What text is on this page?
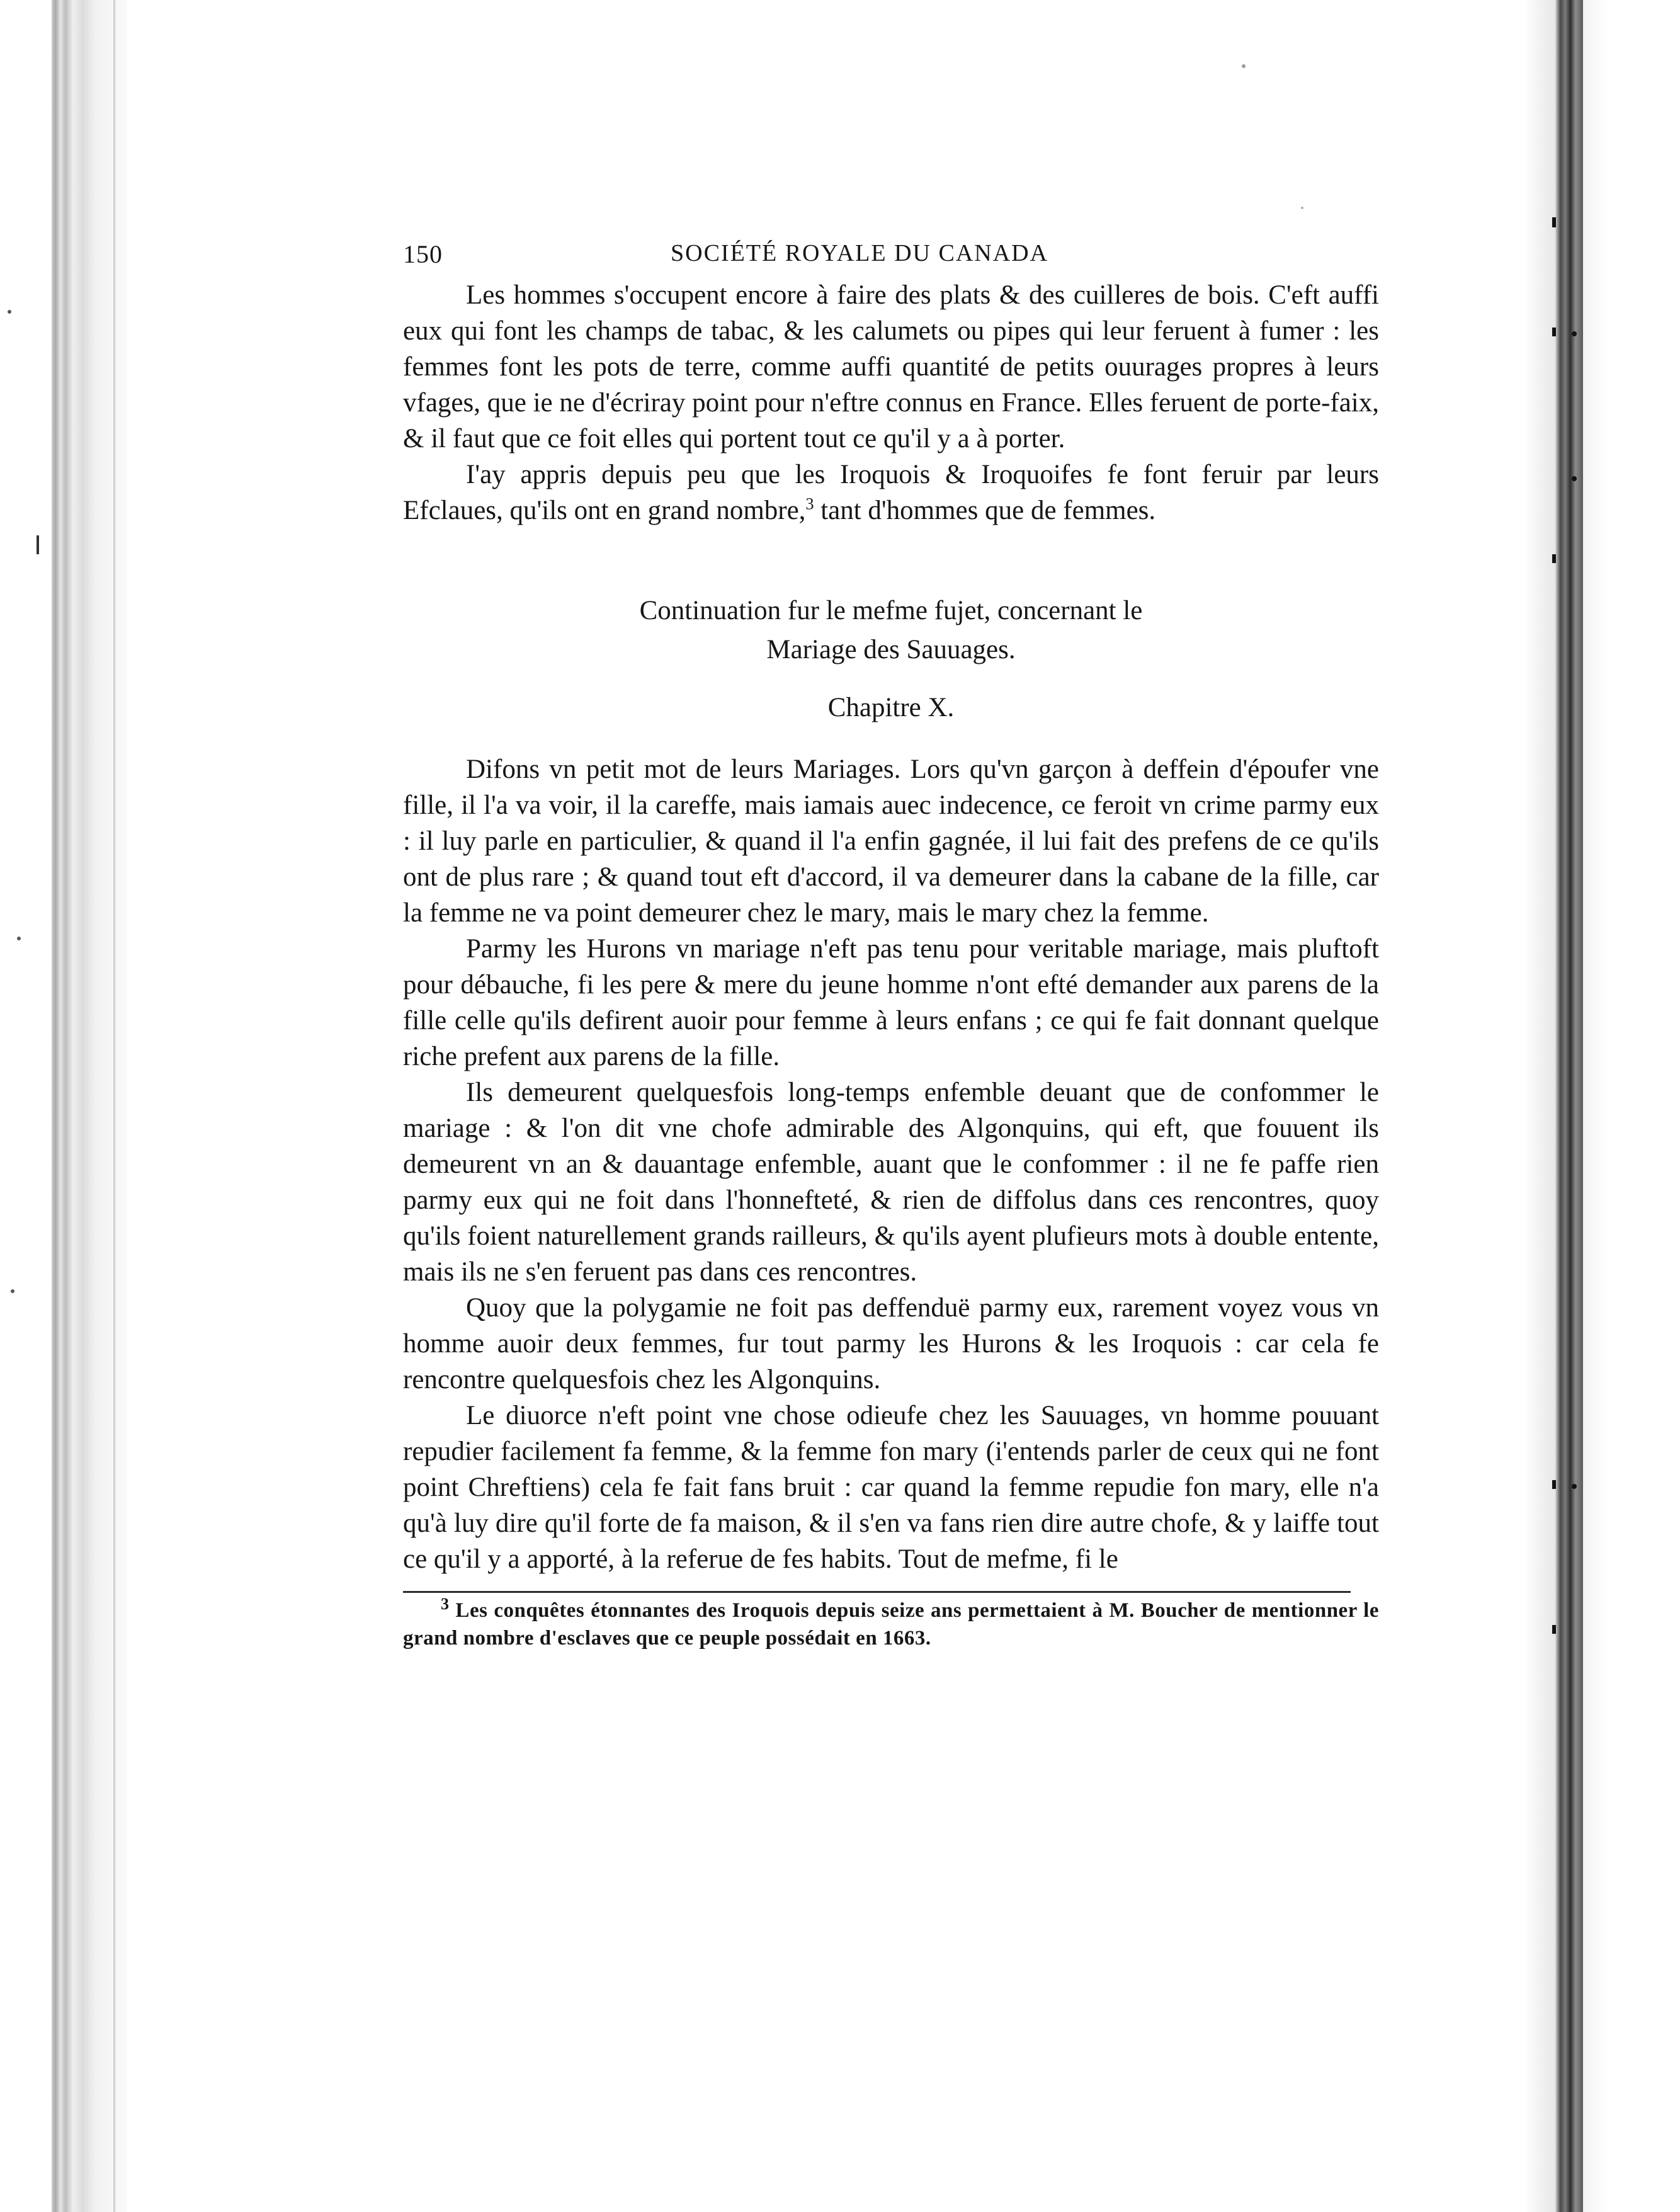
150	SOCIÉTÉ ROYALE DU CANADA

Les hommes s'occupent encore à faire des plats & des cuilleres de bois. C'eft auffi eux qui font les champs de tabac, & les calumets ou pipes qui leur feruent à fumer : les femmes font les pots de terre, comme auffi quantité de petits ouurages propres à leurs vfages, que ie ne d'écriray point pour n'eftre connus en France. Elles feruent de porte-faix, & il faut que ce foit elles qui portent tout ce qu'il y a à porter.

I'ay appris depuis peu que les Iroquois & Iroquoifes fe font feruir par leurs Efclaues, qu'ils ont en grand nombre,$^3$ tant d'hommes que de femmes.

Continuation fur le mefme fujet, concernant le
Mariage des Sauuages.

Chapitre X.

Difons vn petit mot de leurs Mariages. Lors qu'vn garçon à deffein d'époufer vne fille, il l'a va voir, il la careffe, mais iamais auec indecence, ce feroit vn crime parmy eux : il luy parle en particulier, & quand il l'a enfin gagnée, il lui fait des prefens de ce qu'ils ont de plus rare ; & quand tout eft d'accord, il va demeurer dans la cabane de la fille, car la femme ne va point demeurer chez le mary, mais le mary chez la femme.

Parmy les Hurons vn mariage n'eft pas tenu pour veritable mariage, mais pluftoft pour débauche, fi les pere & mere du jeune homme n'ont efté demander aux parens de la fille celle qu'ils defirent auoir pour femme à leurs enfans ; ce qui fe fait donnant quelque riche prefent aux parens de la fille.

Ils demeurent quelquesfois long-temps enfemble deuant que de confommer le mariage : & l'on dit vne chofe admirable des Algonquins, qui eft, que fouuent ils demeurent vn an & dauantage enfemble, auant que le confommer : il ne fe paffe rien parmy eux qui ne foit dans l'honnefteté, & rien de diffolus dans ces rencontres, quoy qu'ils foient naturellement grands railleurs, & qu'ils ayent plufieurs mots à double entente, mais ils ne s'en feruent pas dans ces rencontres.

Quoy que la polygamie ne foit pas deffenduë parmy eux, rarement voyez vous vn homme auoir deux femmes, fur tout parmy les Hurons & les Iroquois : car cela fe rencontre quelquesfois chez les Algonquins.

Le diuorce n'eft point vne chose odieufe chez les Sauuages, vn homme pouuant repudier facilement fa femme, & la femme fon mary (i'entends parler de ceux qui ne font point Chreftiens) cela fe fait fans bruit : car quand la femme repudie fon mary, elle n'a qu'à luy dire qu'il forte de fa maison, & il s'en va fans rien dire autre chofe, & y laiffe tout ce qu'il y a apporté, à la referue de fes habits. Tout de mefme, fi le

$^3$ Les conquêtes étonnantes des Iroquois depuis seize ans permettaient à M. Boucher de mentionner le grand nombre d'esclaves que ce peuple possédait en 1663.
